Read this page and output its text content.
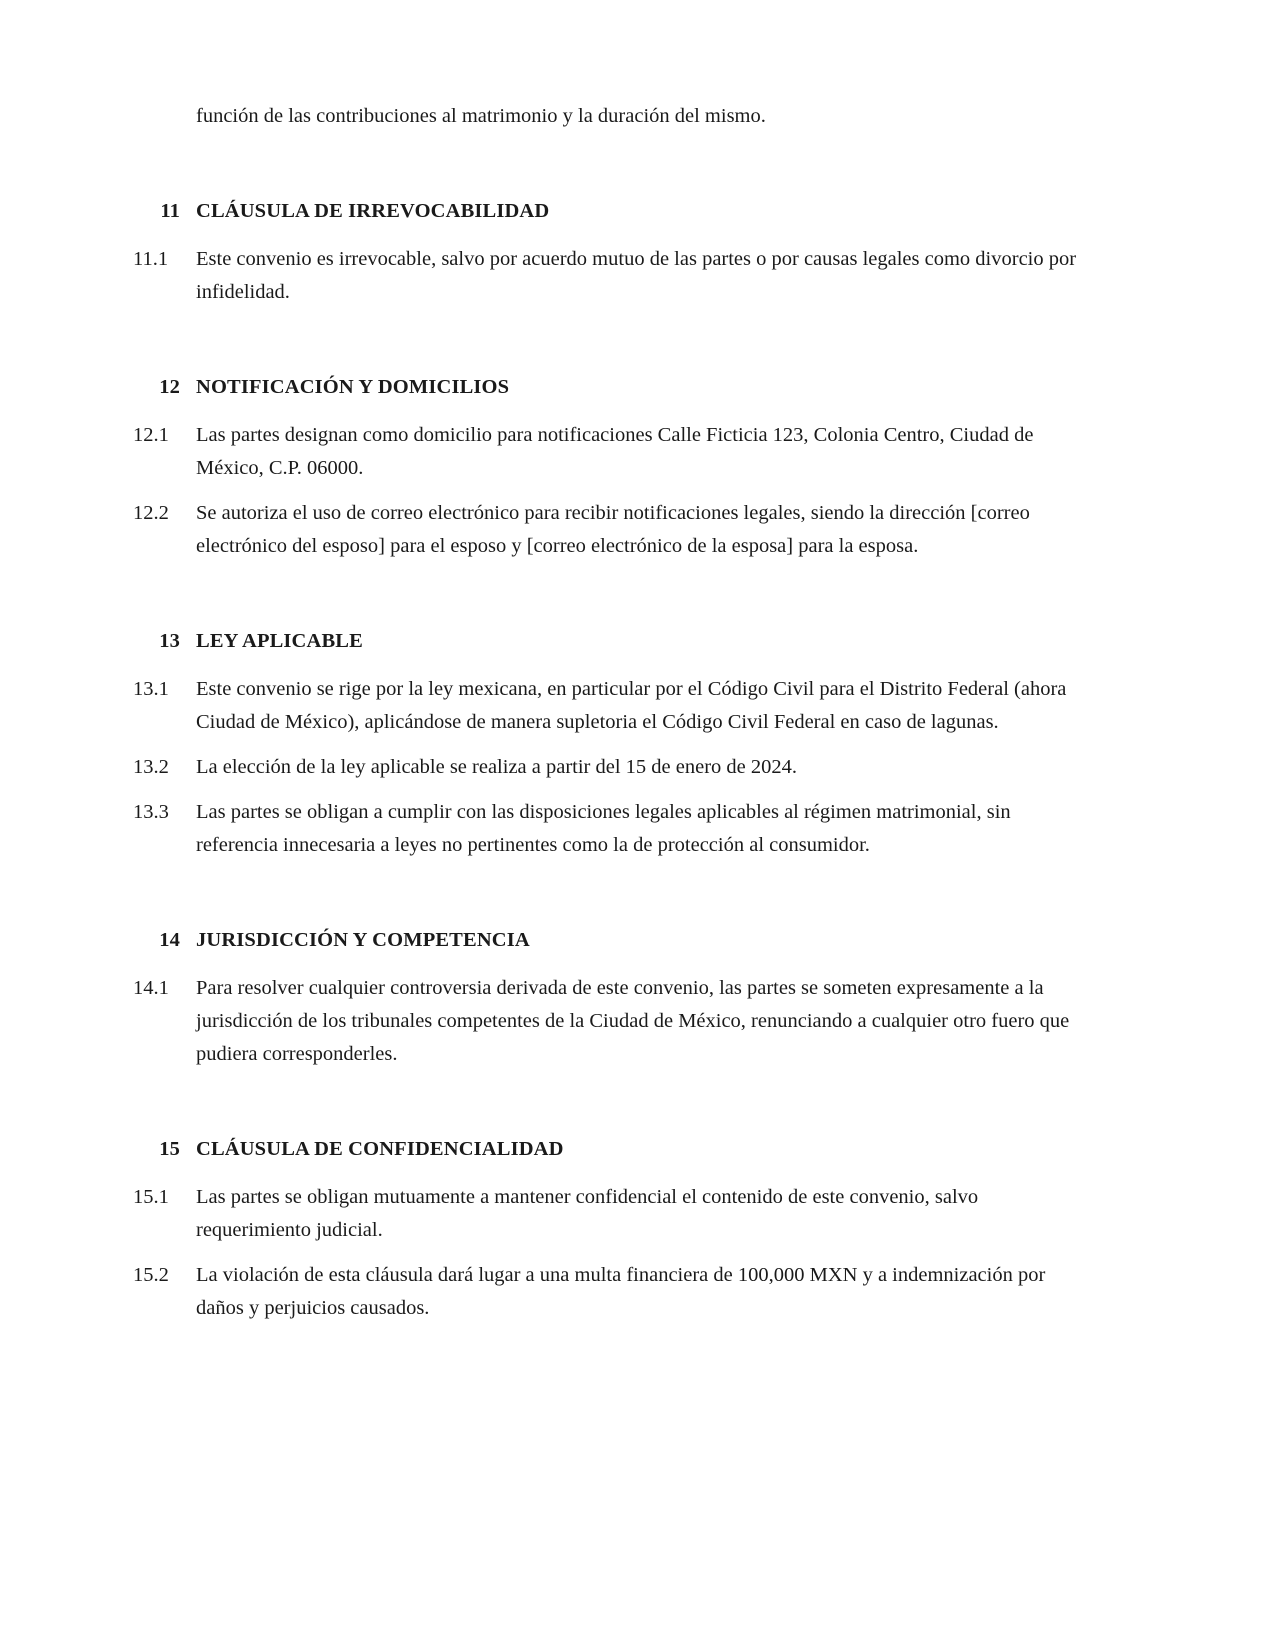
función de las contribuciones al matrimonio y la duración del mismo.

11 CLÁUSULA DE IRREVOCABILIDAD
11.1	Este convenio es irrevocable, salvo por acuerdo mutuo de las partes o por causas legales como divorcio por infidelidad.
12 NOTIFICACIÓN Y DOMICILIOS
12.1	Las partes designan como domicilio para notificaciones Calle Ficticia 123, Colonia Centro, Ciudad de México, C.P. 06000.
12.2	Se autoriza el uso de correo electrónico para recibir notificaciones legales, siendo la dirección [correo electrónico del esposo] para el esposo y [correo electrónico de la esposa] para la esposa.
13 LEY APLICABLE
13.1	Este convenio se rige por la ley mexicana, en particular por el Código Civil para el Distrito Federal (ahora Ciudad de México), aplicándose de manera supletoria el Código Civil Federal en caso de lagunas.
13.2	La elección de la ley aplicable se realiza a partir del 15 de enero de 2024.
13.3	Las partes se obligan a cumplir con las disposiciones legales aplicables al régimen matrimonial, sin referencia innecesaria a leyes no pertinentes como la de protección al consumidor.
14 JURISDICCIÓN Y COMPETENCIA
14.1	Para resolver cualquier controversia derivada de este convenio, las partes se someten expresamente a la jurisdicción de los tribunales competentes de la Ciudad de México, renunciando a cualquier otro fuero que pudiera corresponderles.
15 CLÁUSULA DE CONFIDENCIALIDAD
15.1	Las partes se obligan mutuamente a mantener confidencial el contenido de este convenio, salvo requerimiento judicial.
15.2	La violación de esta cláusula dará lugar a una multa financiera de 100,000 MXN y a indemnización por daños y perjuicios causados.
